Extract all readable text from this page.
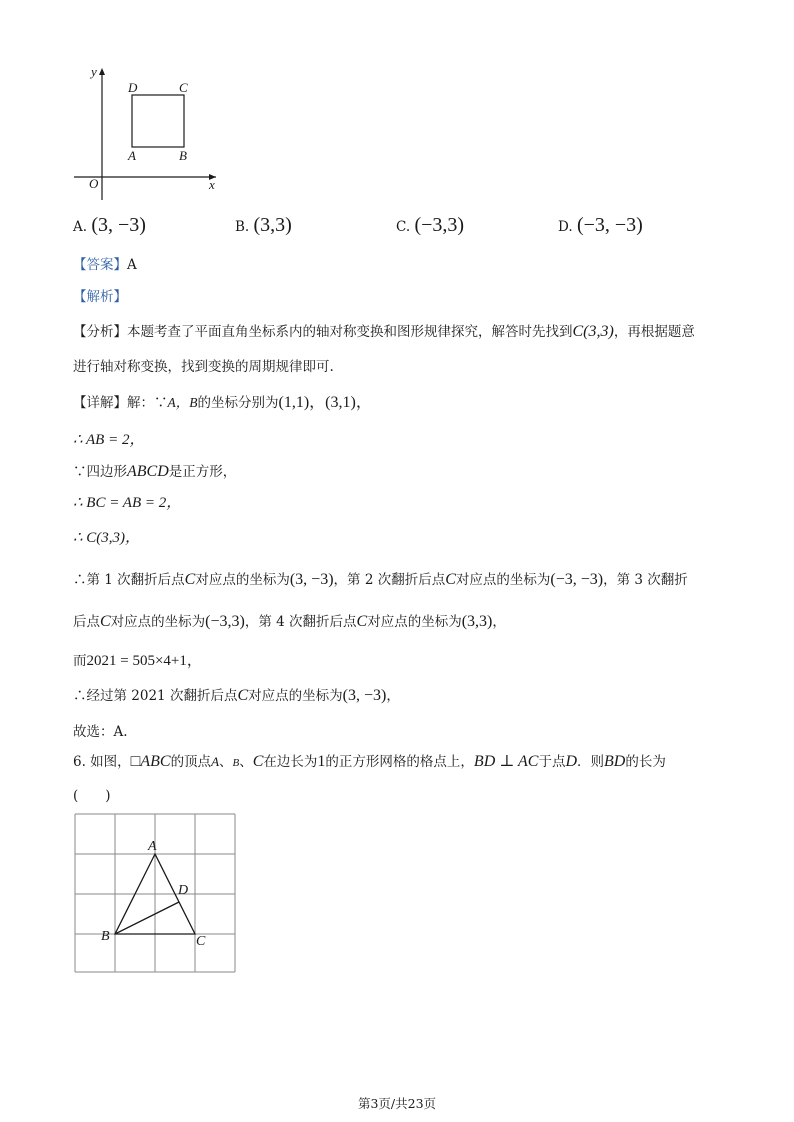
y
x
O
D	C
A	B
A. (3, −3)	B. (3,3)	C. (−3,3)	D. (−3, −3)
【答案】A
【解析】
【分析】本题考查了平面直角坐标系内的轴对称变换和图形规律探究，解答时先找到C(3,3)，再根据题意
进行轴对称变换，找到变换的周期规律即可.
【详解】解：∵A，B的坐标分别为(1,1)，(3,1)，
∴ AB = 2，
∵四边形ABCD是正方形，
∴ BC = AB = 2，
∴ C(3,3)，
∴第 1 次翻折后点C对应点的坐标为(3, −3)，第 2 次翻折后点C对应点的坐标为(−3, −3)，第 3 次翻折
后点C对应点的坐标为(−3,3)，第 4 次翻折后点C对应点的坐标为(3,3)，
而2021 = 505×4+1，
∴经过第 2021 次翻折后点C对应点的坐标为(3, −3)，
故选：A.
6. 如图，□ABC的顶点A、B、C在边长为1的正方形网格的格点上，BD ⊥ AC于点D．则BD的长为
(　　)
A
B	C
D
第3页/共23页
